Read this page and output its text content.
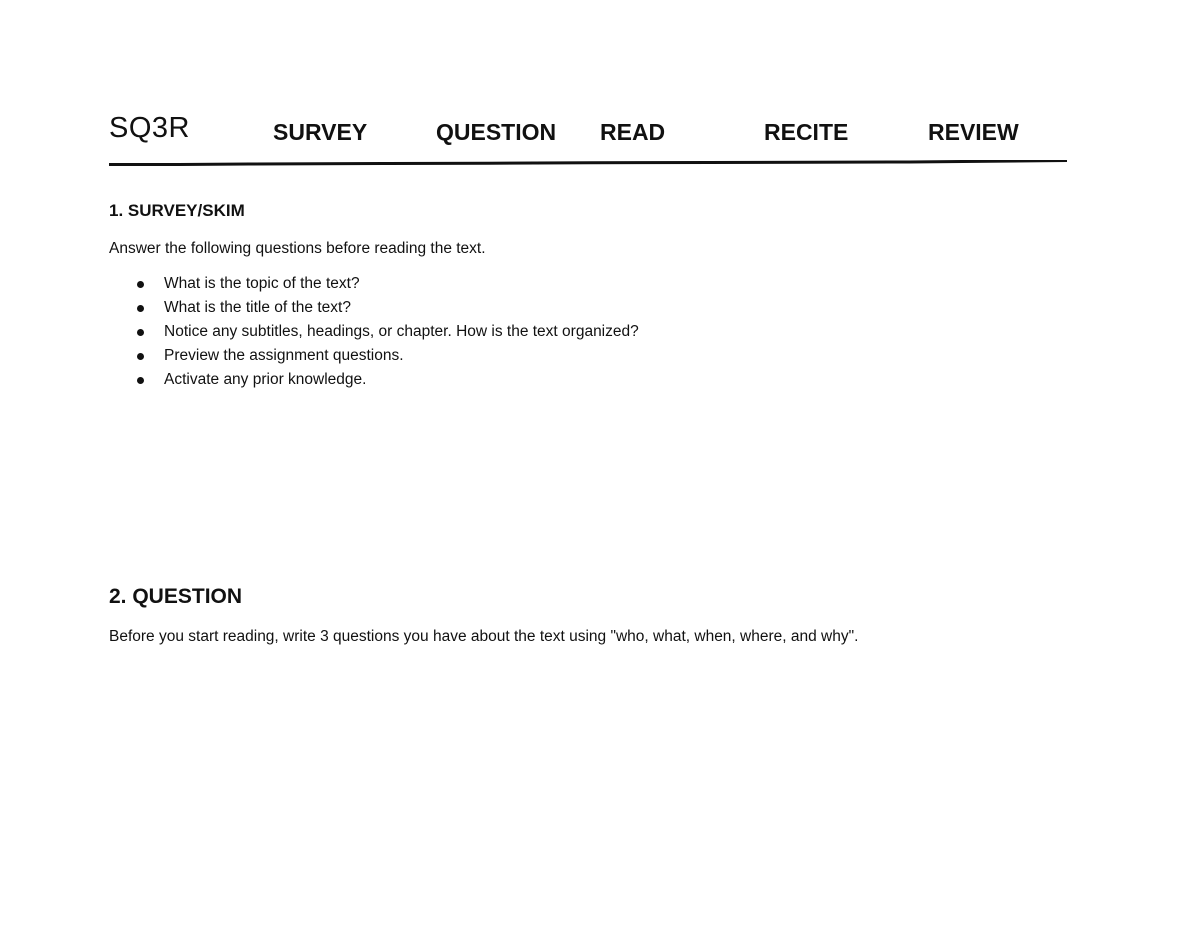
SQ3R	SURVEY	QUESTION READ	RECITE	REVIEW
1. SURVEY/SKIM
Answer the following questions before reading the text.
What is the topic of the text?
What is the title of the text?
Notice any subtitles, headings, or chapter. How is the text organized?
Preview the assignment questions.
Activate any prior knowledge.
2. QUESTION
Before you start reading, write 3 questions you have about the text using "who, what, when, where, and why".
